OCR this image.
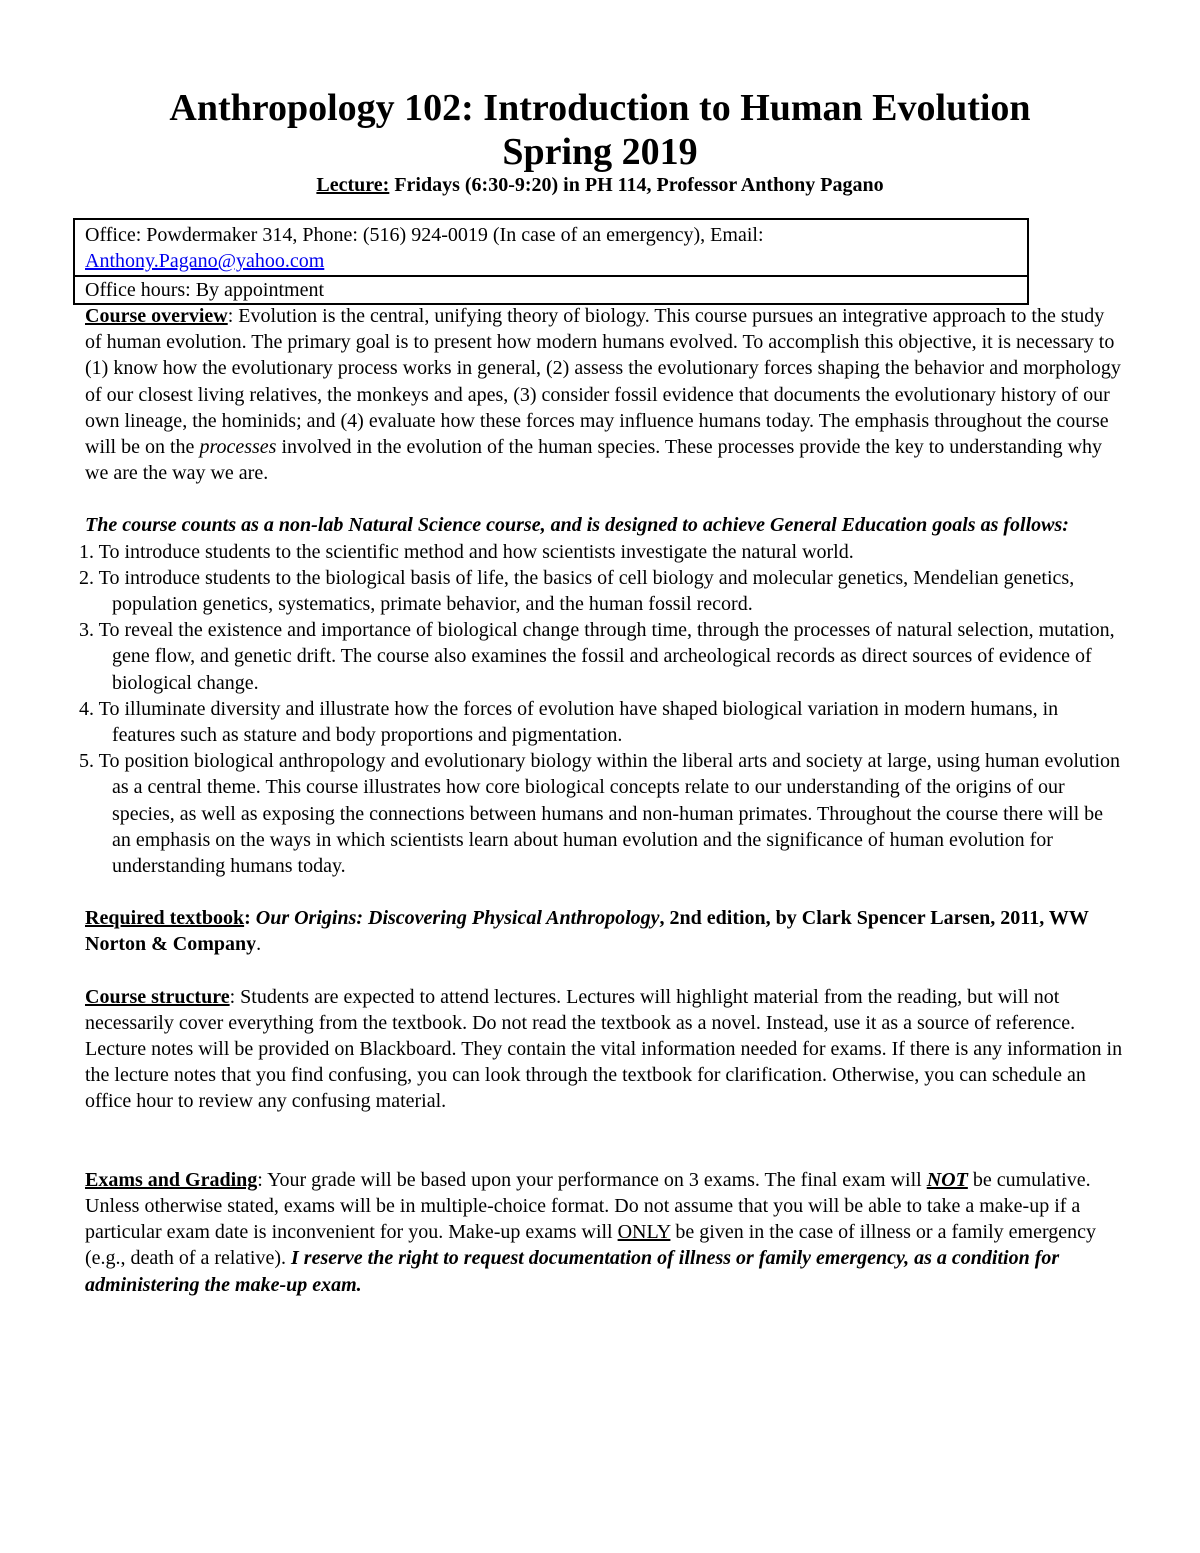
Anthropology 102: Introduction to Human Evolution
Spring 2019
Lecture: Fridays (6:30-9:20) in PH 114, Professor Anthony Pagano
Office: Powdermaker 314, Phone: (516) 924-0019 (In case of an emergency), Email:
Anthony.Pagano@yahoo.com
Office hours: By appointment

Course overview: Evolution is the central, unifying theory of biology. This course pursues an integrative approach to the study of human evolution. The primary goal is to present how modern humans evolved. To accomplish this objective, it is necessary to (1) know how the evolutionary process works in general, (2) assess the evolutionary forces shaping the behavior and morphology of our closest living relatives, the monkeys and apes, (3) consider fossil evidence that documents the evolutionary history of our own lineage, the hominids; and (4) evaluate how these forces may influence humans today. The emphasis throughout the course will be on the processes involved in the evolution of the human species. These processes provide the key to understanding why we are the way we are.

The course counts as a non-lab Natural Science course, and is designed to achieve General Education goals as follows:

1. To introduce students to the scientific method and how scientists investigate the natural world.
2. To introduce students to the biological basis of life, the basics of cell biology and molecular genetics, Mendelian genetics, population genetics, systematics, primate behavior, and the human fossil record.
3. To reveal the existence and importance of biological change through time, through the processes of natural selection, mutation, gene flow, and genetic drift. The course also examines the fossil and archeological records as direct sources of evidence of biological change.
4. To illuminate diversity and illustrate how the forces of evolution have shaped biological variation in modern humans, in features such as stature and body proportions and pigmentation.
5. To position biological anthropology and evolutionary biology within the liberal arts and society at large, using human evolution as a central theme. This course illustrates how core biological concepts relate to our understanding of the origins of our species, as well as exposing the connections between humans and non-human primates. Throughout the course there will be an emphasis on the ways in which scientists learn about human evolution and the significance of human evolution for understanding humans today.

Required textbook: Our Origins: Discovering Physical Anthropology, 2nd edition, by Clark Spencer Larsen, 2011, WW Norton & Company.

Course structure: Students are expected to attend lectures. Lectures will highlight material from the reading, but will not necessarily cover everything from the textbook. Do not read the textbook as a novel. Instead, use it as a source of reference. Lecture notes will be provided on Blackboard. They contain the vital information needed for exams. If there is any information in the lecture notes that you find confusing, you can look through the textbook for clarification. Otherwise, you can schedule an office hour to review any confusing material.

Exams and Grading: Your grade will be based upon your performance on 3 exams. The final exam will NOT be cumulative. Unless otherwise stated, exams will be in multiple-choice format. Do not assume that you will be able to take a make-up if a particular exam date is inconvenient for you. Make-up exams will ONLY be given in the case of illness or a family emergency (e.g., death of a relative). I reserve the right to request documentation of illness or family emergency, as a condition for administering the make-up exam.
